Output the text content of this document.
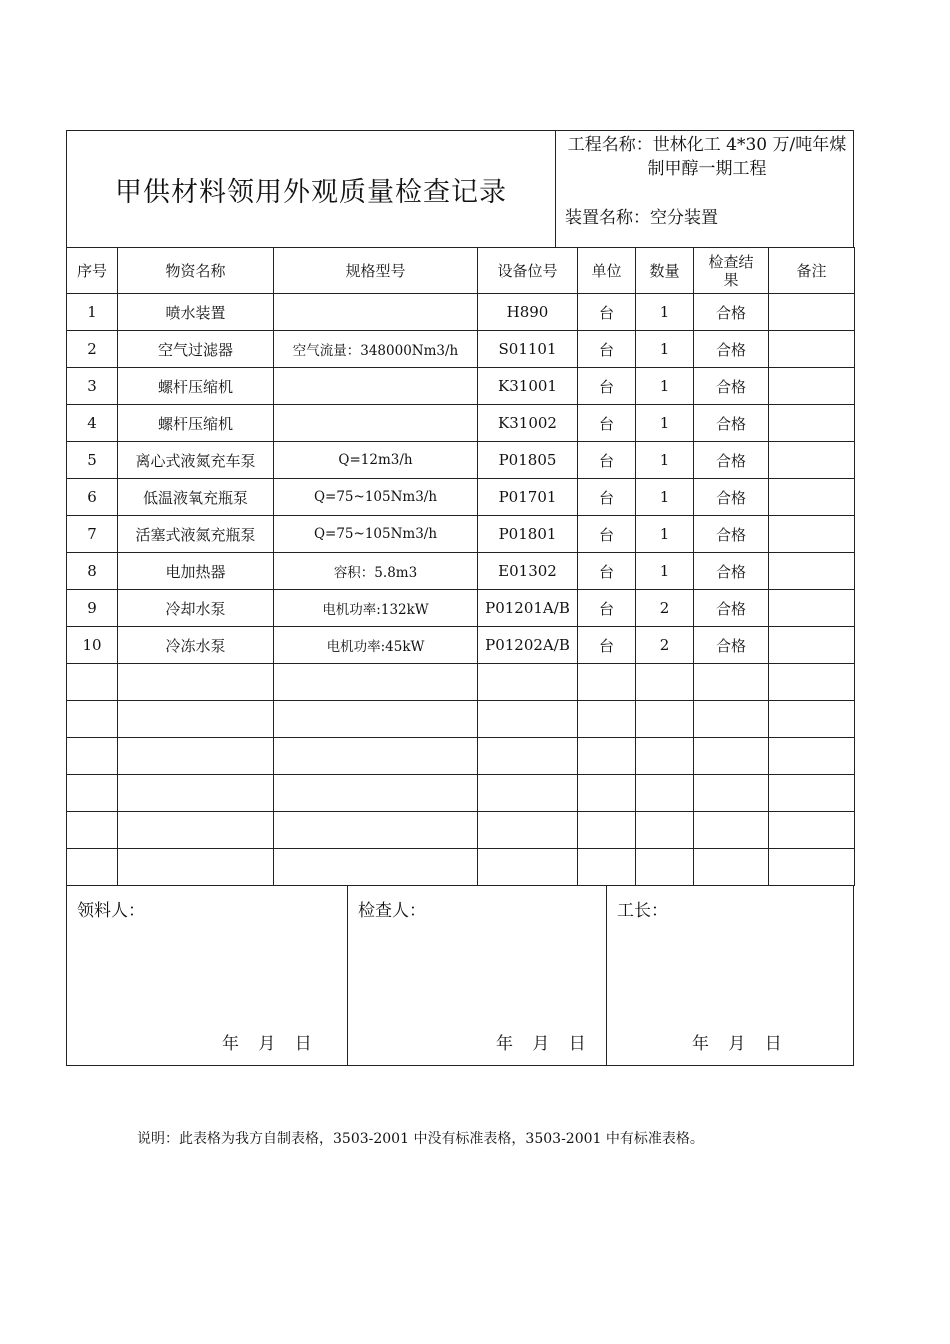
甲供材料领用外观质量检查记录
工程名称：世林化工 4*30 万/吨年煤制甲醇一期工程
装置名称：空分装置
序号	物资名称	规格型号	设备位号	单位	数量	检查结果	备注
1	喷水装置		H890	台	1	合格	
2	空气过滤器	空气流量：348000Nm3/h	S01101	台	1	合格	
3	螺杆压缩机		K31001	台	1	合格	
4	螺杆压缩机		K31002	台	1	合格	
5	离心式液氮充车泵	Q=12m3/h	P01805	台	1	合格	
6	低温液氧充瓶泵	Q=75~105Nm3/h	P01701	台	1	合格	
7	活塞式液氮充瓶泵	Q=75~105Nm3/h	P01801	台	1	合格	
8	电加热器	容积：5.8m3	E01302	台	1	合格	
9	冷却水泵	电机功率:132kW	P01201A/B	台	2	合格	
10	冷冻水泵	电机功率:45kW	P01202A/B	台	2	合格	

领料人：
年 月 日
检查人：
年 月 日
工长：
年 月 日
说明：此表格为我方自制表格，3503-2001 中没有标准表格，3503-2001 中有标准表格。
